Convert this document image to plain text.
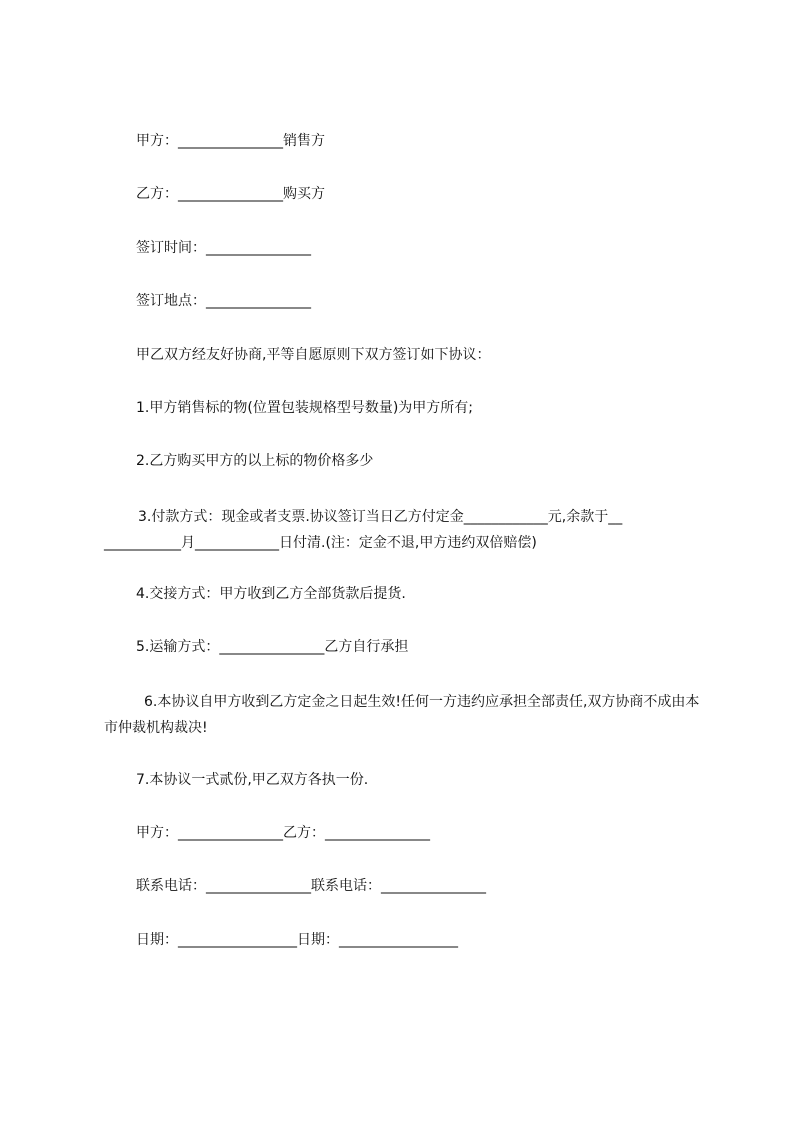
甲方：_______________销售方
乙方：_______________购买方
签订时间：_______________
签订地点：_______________
甲乙双方经友好协商,平等自愿原则下双方签订如下协议：
1.甲方销售标的物(位置包装规格型号数量)为甲方所有;
2.乙方购买甲方的以上标的物价格多少
3.付款方式：现金或者支票.协议签订当日乙方付定金____________元,余款于__
___________月____________日付清.(注：定金不退,甲方违约双倍赔偿)
4.交接方式：甲方收到乙方全部货款后提货.
5.运输方式：_______________乙方自行承担
6.本协议自甲方收到乙方定金之日起生效!任何一方违约应承担全部责任,双方协商不成由本市仲裁机构裁决!
7.本协议一式贰份,甲乙双方各执一份.
甲方：_______________乙方：_______________
联系电话：_______________联系电话：_______________
日期：_________________日期：_________________
